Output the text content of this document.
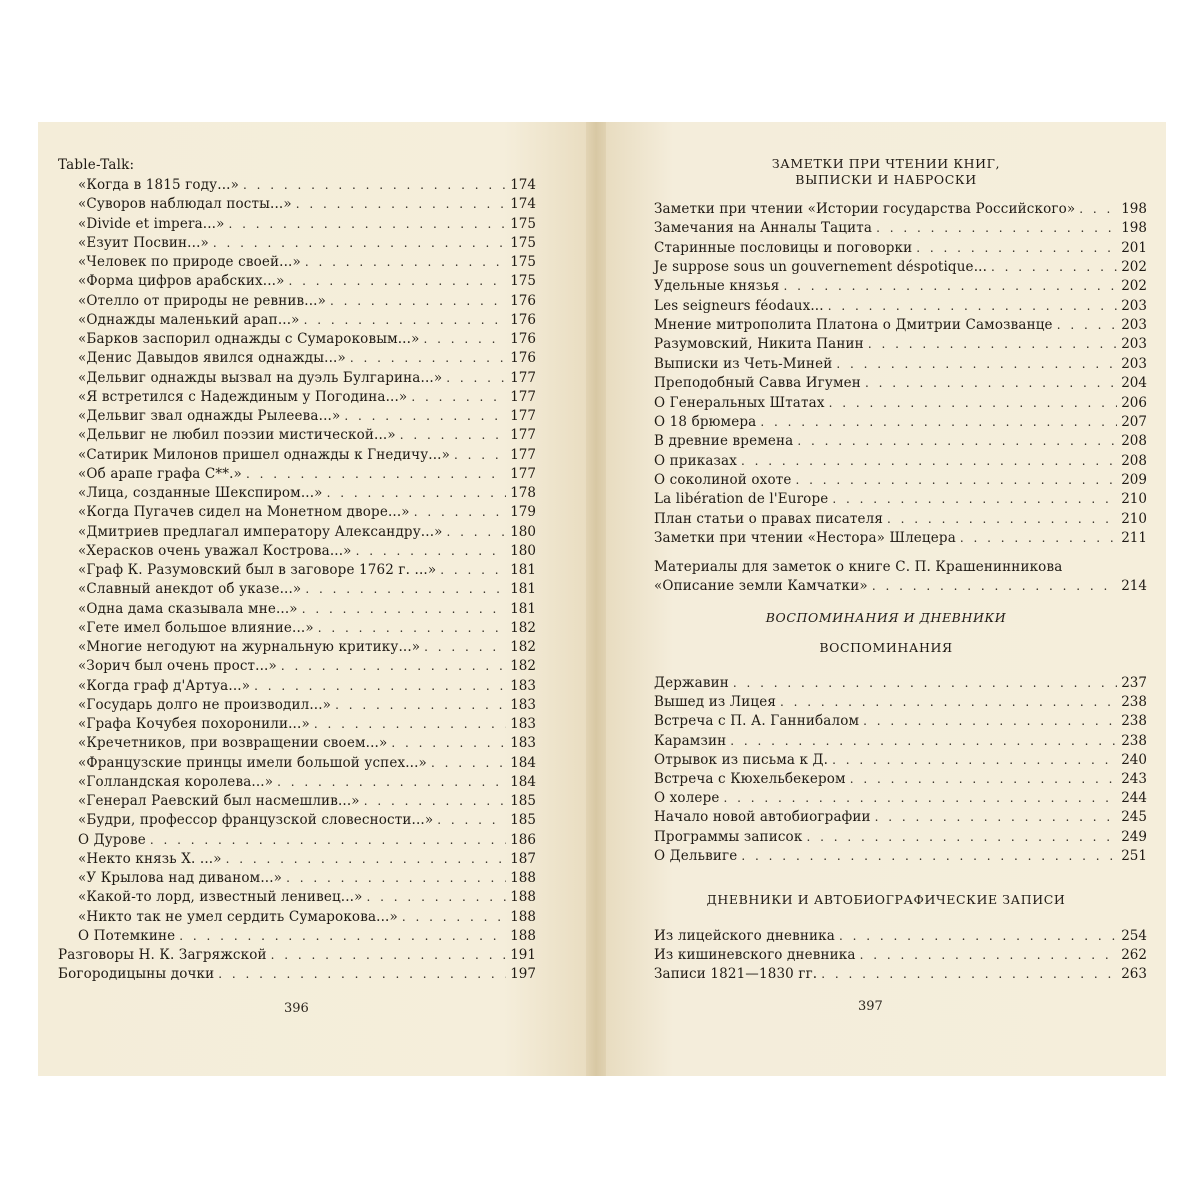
Table-Talk:
«Когда в 1815 году...» . . .	174
«Суворов наблюдал посты...» . . .	174
«Divide et impera...» . . .	175
«Езуит Посвин...» . . .	175
«Человек по природе своей...» . . .	175
«Форма цифров арабских...» . . .	175
«Отелло от природы не ревнив...» . . .	176
«Однажды маленький арап...» . . .	176
«Барков заспорил однажды с Сумароковым...» . . .	176
«Денис Давыдов явился однажды...» . . .	176
«Дельвиг однажды вызвал на дуэль Булгарина...» . . .	177
«Я встретился с Надеждиным у Погодина...» . . .	177
«Дельвиг звал однажды Рылеева...» . . .	177
«Дельвиг не любил поэзии мистической...» . . .	177
«Сатирик Милонов пришел однажды к Гнедичу...» . . .	177
«Об арапе графа С**.» . . .	177
«Лица, созданные Шекспиром...» . . .	178
«Когда Пугачев сидел на Монетном дворе...» . . .	179
«Дмитриев предлагал императору Александру...» . . .	180
«Херасков очень уважал Кострова...» . . .	180
«Граф К. Разумовский был в заговоре 1762 г. ...» . . .	181
«Славный анекдот об указе...» . . .	181
«Одна дама сказывала мне...» . . .	181
«Гете имел большое влияние...» . . .	182
«Многие негодуют на журнальную критику...» . . .	182
«Зорич был очень прост...» . . .	182
«Когда граф д'Артуа...» . . .	183
«Государь долго не производил...» . . .	183
«Графа Кочубея похоронили...» . . .	183
«Кречетников, при возвращении своем...» . . .	183
«Французские принцы имели большой успех...» . . .	184
«Голландская королева...» . . .	184
«Генерал Раевский был насмешлив...» . . .	185
«Будри, профессор французской словесности...» . . .	185
О Дурове . . .	186
«Некто князь Х. ...» . . .	187
«У Крылова над диваном...» . . .	188
«Какой-то лорд, известный ленивец...» . . .	188
«Никто так не умел сердить Сумарокова...» . . .	188
О Потемкине . . .	188
Разговоры Н. К. Загряжской . . .	191
Богородицыны дочки . . .	197
396
ЗАМЕТКИ ПРИ ЧТЕНИИ КНИГ,
ВЫПИСКИ И НАБРОСКИ
Заметки при чтении «Истории государства Российского» . . .	198
Замечания на Анналы Тацита . . .	198
Старинные пословицы и поговорки . . .	201
Je suppose sous un gouvernement déspotique... . . .	202
Удельные князья . . .	202
Les seigneurs féodaux... . . .	203
Мнение митрополита Платона о Дмитрии Самозванце . . .	203
Разумовский, Никита Панин . . .	203
Выписки из Четь-Миней . . .	203
Преподобный Савва Игумен . . .	204
О Генеральных Штатах . . .	206
О 18 брюмера . . .	207
В древние времена . . .	208
О приказах . . .	208
О соколиной охоте . . .	209
La libération de l'Europe . . .	210
План статьи о правах писателя . . .	210
Заметки при чтении «Нестора» Шлецера . . .	211
Материалы для заметок о книге С. П. Крашенинникова
«Описание земли Камчатки» . . .	214
ВОСПОМИНАНИЯ И ДНЕВНИКИ
ВОСПОМИНАНИЯ
Державин . . .	237
Вышед из Лицея . . .	238
Встреча с П. А. Ганнибалом . . .	238
Карамзин . . .	238
Отрывок из письма к Д. . . .	240
Встреча с Кюхельбекером . . .	243
О холере . . .	244
Начало новой автобиографии . . .	245
Программы записок . . .	249
О Дельвиге . . .	251
ДНЕВНИКИ И АВТОБИОГРАФИЧЕСКИЕ ЗАПИСИ
Из лицейского дневника . . .	254
Из кишиневского дневника . . .	262
Записи 1821—1830 гг. . . .	263
397
